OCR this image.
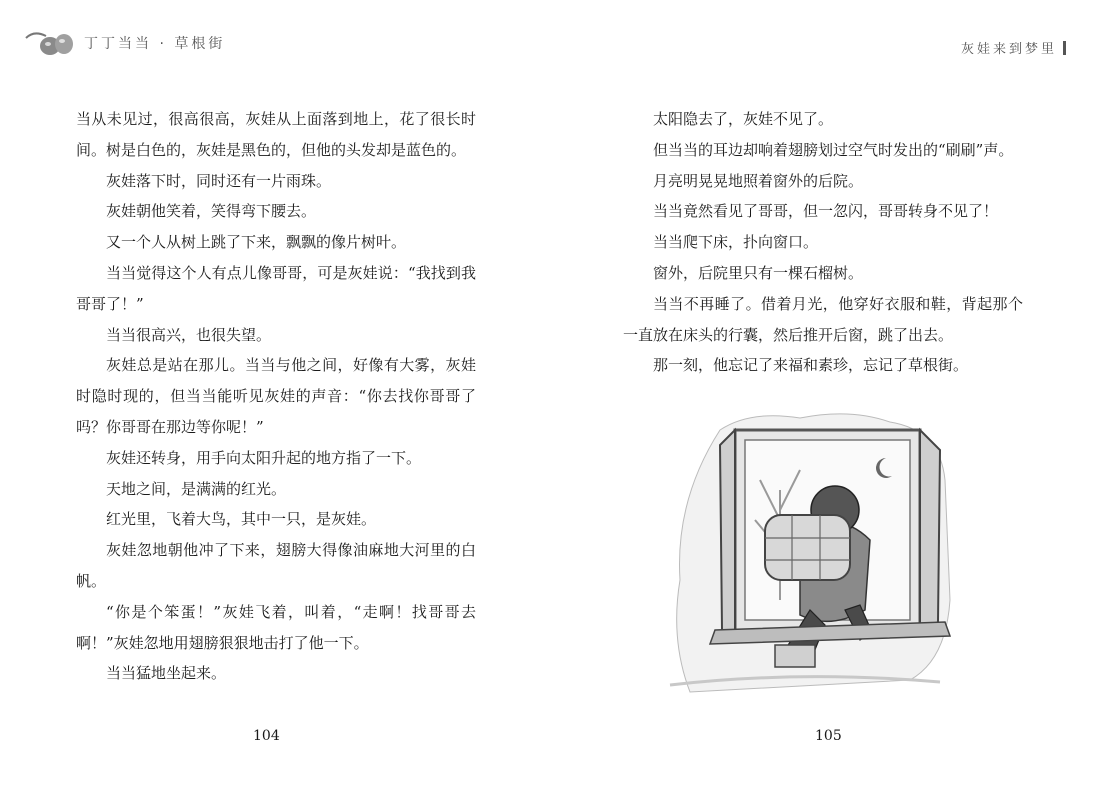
丁丁当当 · 草根街	灰娃来到梦里

当从未见过，很高很高，灰娃从上面落到地上，花了很长时间。树是白色的，灰娃是黑色的，但他的头发却是蓝色的。

灰娃落下时，同时还有一片雨珠。

灰娃朝他笑着，笑得弯下腰去。

又一个人从树上跳了下来，飘飘的像片树叶。

当当觉得这个人有点儿像哥哥，可是灰娃说：“我找到我哥哥了！”

当当很高兴，也很失望。

灰娃总是站在那儿。当当与他之间，好像有大雾，灰娃时隐时现的，但当当能听见灰娃的声音：“你去找你哥哥了吗？你哥哥在那边等你呢！”

灰娃还转身，用手向太阳升起的地方指了一下。

天地之间，是满满的红光。

红光里，飞着大鸟，其中一只，是灰娃。

灰娃忽地朝他冲了下来，翅膀大得像油麻地大河里的白帆。

“你是个笨蛋！”灰娃飞着，叫着，“走啊！找哥哥去啊！”灰娃忽地用翅膀狠狠地击打了他一下。

当当猛地坐起来。

太阳隐去了，灰娃不见了。

但当当的耳边却响着翅膀划过空气时发出的“刷刷”声。

月亮明晃晃地照着窗外的后院。

当当竟然看见了哥哥，但一忽闪，哥哥转身不见了！

当当爬下床，扑向窗口。

窗外，后院里只有一棵石榴树。

当当不再睡了。借着月光，他穿好衣服和鞋，背起那个一直放在床头的行囊，然后推开后窗，跳了出去。

那一刻，他忘记了来福和素珍，忘记了草根街。

104	105
